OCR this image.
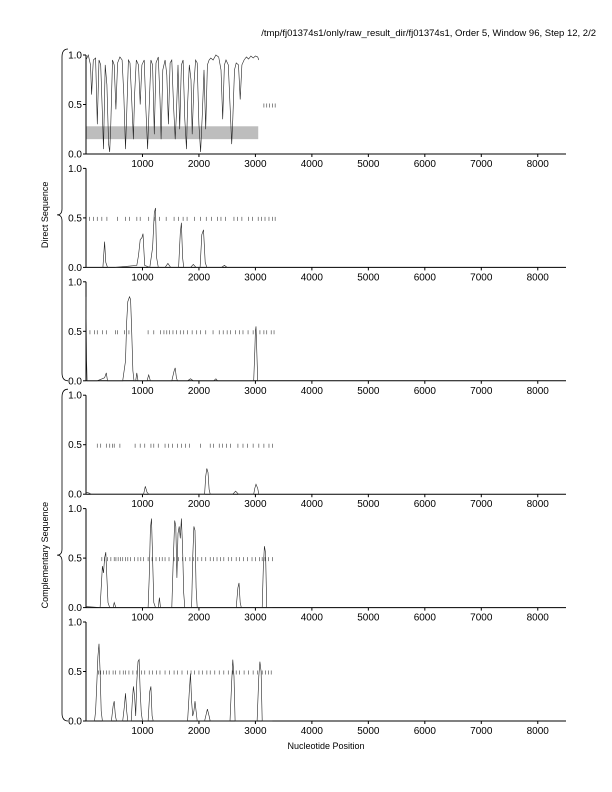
/tmp/fj01374s1/only/raw_result_dir/fj01374s1, Order 5, Window 96, Step 12, 2/2
0.0
0.5
1.0
1000	2000	3000	4000	5000	6000	7000	8000
0.0
0.5
1.0
1000	2000	3000	4000	5000	6000	7000	8000
0.0
0.5
1.0
1000	2000	3000	4000	5000	6000	7000	8000
0.0
0.5
1.0
1000	2000	3000	4000	5000	6000	7000	8000
0.0
0.5
1.0
1000	2000	3000	4000	5000	6000	7000	8000
0.0
0.5
1.0
1000	2000	3000	4000	5000	6000	7000	8000
Direct Sequence
Complementary Sequence
Nucleotide Position
